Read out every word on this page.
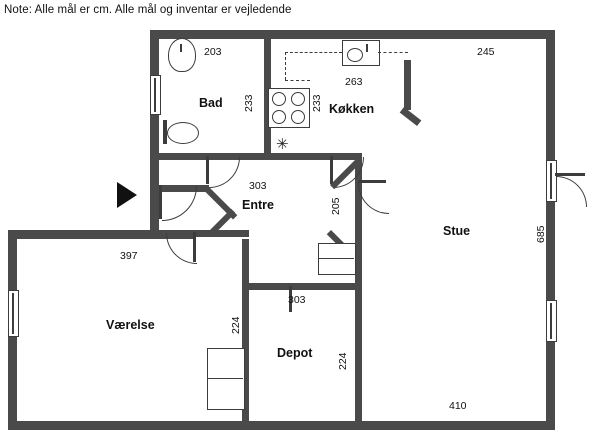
Note: Alle mål er cm. Alle mål og inventar er vejledende
✳
Bad	Køkken
Entre
Stue
Værelse
Depot
203
233	233
263
245
685
410
303
205
303
397
224
224
